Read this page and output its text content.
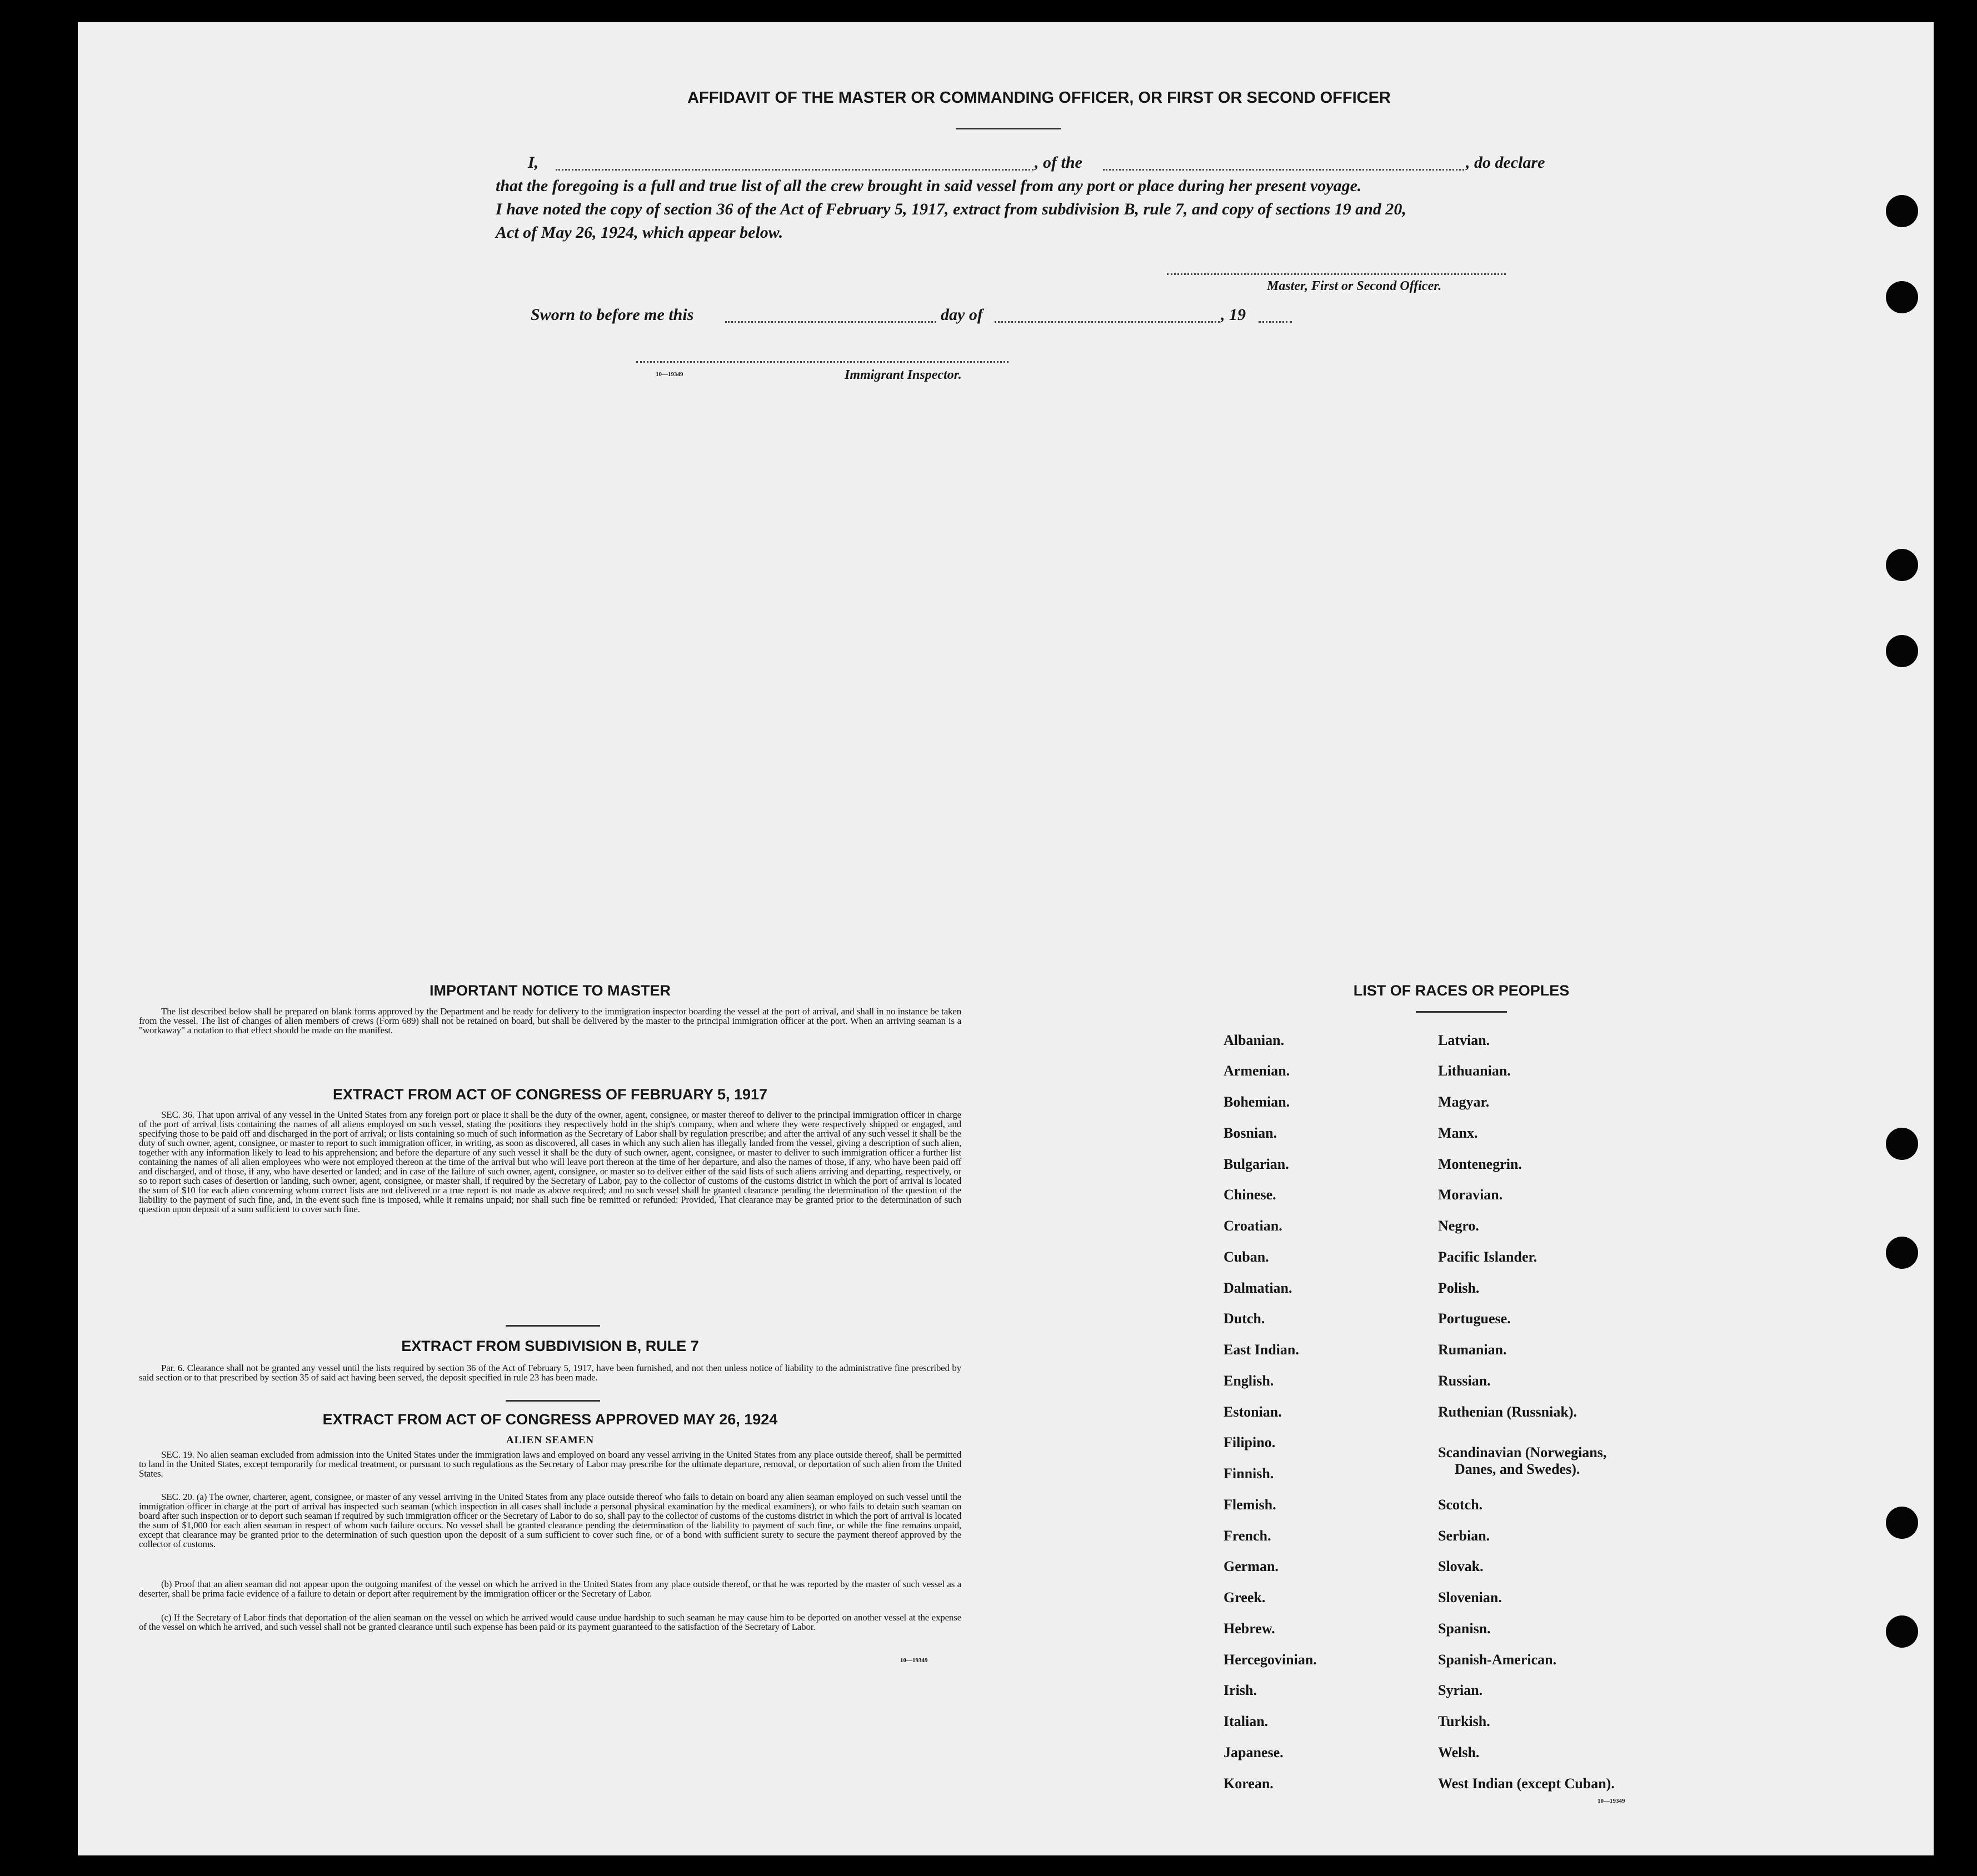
AFFIDAVIT OF THE MASTER OR COMMANDING OFFICER, OR FIRST OR SECOND OFFICER
I,	, of the	, do declare
that the foregoing is a full and true list of all the crew brought in said vessel from any port or place during her present voyage.
I have noted the copy of section 36 of the Act of February 5, 1917, extract from subdivision B, rule 7, and copy of sections 19 and 20,
Act of May 26, 1924, which appear below.
Master, First or Second Officer.
Sworn to before me this	day of	, 19
10—19349	Immigrant Inspector.
IMPORTANT NOTICE TO MASTER
The list described below shall be prepared on blank forms approved by the Department and be ready for delivery to the immigration inspector boarding the vessel at the port of arrival, and shall in no instance be taken from the vessel. The list of changes of alien members of crews (Form 689) shall not be retained on board, but shall be delivered by the master to the principal immigration officer at the port. When an arriving seaman is a "workaway" a notation to that effect should be made on the manifest.
EXTRACT FROM ACT OF CONGRESS OF FEBRUARY 5, 1917
SEC. 36. That upon arrival of any vessel in the United States from any foreign port or place it shall be the duty of the owner, agent, consignee, or master thereof to deliver to the principal immigration officer in charge of the port of arrival lists containing the names of all aliens employed on such vessel, stating the positions they respectively hold in the ship's company, when and where they were respectively shipped or engaged, and specifying those to be paid off and discharged in the port of arrival; or lists containing so much of such information as the Secretary of Labor shall by regulation prescribe; and after the arrival of any such vessel it shall be the duty of such owner, agent, consignee, or master to report to such immigration officer, in writing, as soon as discovered, all cases in which any such alien has illegally landed from the vessel, giving a description of such alien, together with any information likely to lead to his apprehension; and before the departure of any such vessel it shall be the duty of such owner, agent, consignee, or master to deliver to such immigration officer a further list containing the names of all alien employees who were not employed thereon at the time of the arrival but who will leave port thereon at the time of her departure, and also the names of those, if any, who have been paid off and discharged, and of those, if any, who have deserted or landed; and in case of the failure of such owner, agent, consignee, or master so to deliver either of the said lists of such aliens arriving and departing, respectively, or so to report such cases of desertion or landing, such owner, agent, consignee, or master shall, if required by the Secretary of Labor, pay to the collector of customs of the customs district in which the port of arrival is located the sum of $10 for each alien concerning whom correct lists are not delivered or a true report is not made as above required; and no such vessel shall be granted clearance pending the determination of the question of the liability to the payment of such fine, and, in the event such fine is imposed, while it remains unpaid; nor shall such fine be remitted or refunded: Provided, That clearance may be granted prior to the determination of such question upon deposit of a sum sufficient to cover such fine.
EXTRACT FROM SUBDIVISION B, RULE 7
Par. 6. Clearance shall not be granted any vessel until the lists required by section 36 of the Act of February 5, 1917, have been furnished, and not then unless notice of liability to the administrative fine prescribed by said section or to that prescribed by section 35 of said act having been served, the deposit specified in rule 23 has been made.
EXTRACT FROM ACT OF CONGRESS APPROVED MAY 26, 1924
ALIEN SEAMEN
SEC. 19. No alien seaman excluded from admission into the United States under the immigration laws and employed on board any vessel arriving in the United States from any place outside thereof, shall be permitted to land in the United States, except temporarily for medical treatment, or pursuant to such regulations as the Secretary of Labor may prescribe for the ultimate departure, removal, or deportation of such alien from the United States.
SEC. 20. (a) The owner, charterer, agent, consignee, or master of any vessel arriving in the United States from any place outside thereof who fails to detain on board any alien seaman employed on such vessel until the immigration officer in charge at the port of arrival has inspected such seaman (which inspection in all cases shall include a personal physical examination by the medical examiners), or who fails to detain such seaman on board after such inspection or to deport such seaman if required by such immigration officer or the Secretary of Labor to do so, shall pay to the collector of customs of the customs district in which the port of arrival is located the sum of $1,000 for each alien seaman in respect of whom such failure occurs. No vessel shall be granted clearance pending the determination of the liability to payment of such fine, or while the fine remains unpaid, except that clearance may be granted prior to the determination of such question upon the deposit of a sum sufficient to cover such fine, or of a bond with sufficient surety to secure the payment thereof approved by the collector of customs.
(b) Proof that an alien seaman did not appear upon the outgoing manifest of the vessel on which he arrived in the United States from any place outside thereof, or that he was reported by the master of such vessel as a deserter, shall be prima facie evidence of a failure to detain or deport after requirement by the immigration officer or the Secretary of Labor.
(c) If the Secretary of Labor finds that deportation of the alien seaman on the vessel on which he arrived would cause undue hardship to such seaman he may cause him to be deported on another vessel at the expense of the vessel on which he arrived, and such vessel shall not be granted clearance until such expense has been paid or its payment guaranteed to the satisfaction of the Secretary of Labor.
10—19349
LIST OF RACES OR PEOPLES
Albanian.
Armenian.
Bohemian.
Bosnian.
Bulgarian.
Chinese.
Croatian.
Cuban.
Dalmatian.
Dutch.
East Indian.
English.
Estonian.
Filipino.
Finnish.
Flemish.
French.
German.
Greek.
Hebrew.
Hercegovinian.
Irish.
Italian.
Japanese.
Korean.
Latvian.
Lithuanian.
Magyar.
Manx.
Montenegrin.
Moravian.
Negro.
Pacific Islander.
Polish.
Portuguese.
Rumanian.
Russian.
Ruthenian (Russniak).
Scandinavian (Norwegians,
Danes, and Swedes).
Scotch.
Serbian.
Slovak.
Slovenian.
Spanisn.
Spanish-American.
Syrian.
Turkish.
Welsh.
West Indian (except Cuban).
10—19349
